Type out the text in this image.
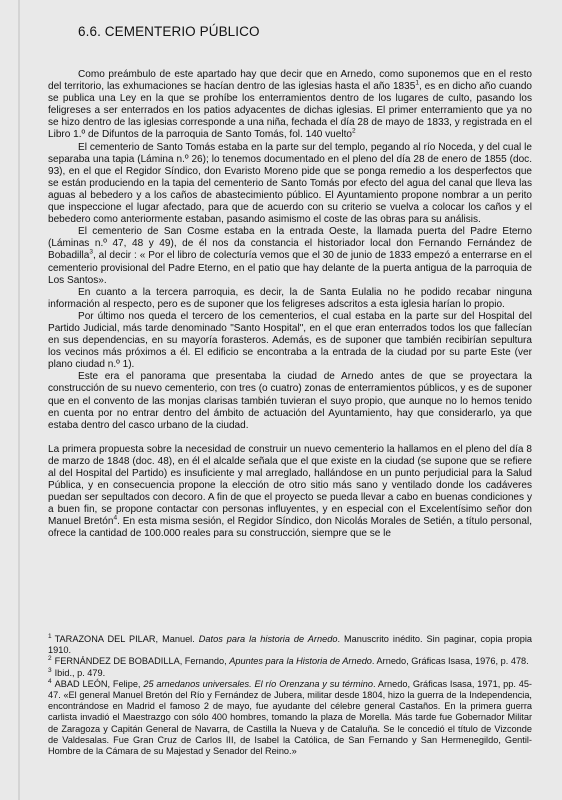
6.6. CEMENTERIO PÚBLICO

Como preámbulo de este apartado hay que decir que en Arnedo, como suponemos que en el resto del territorio, las exhumaciones se hacían dentro de las iglesias hasta el año 1835$^1$, es en dicho año cuando se publica una Ley en la que se prohíbe los enterramientos dentro de los lugares de culto, pasando los feligreses a ser enterrados en los patios adyacentes de dichas iglesias. El primer enterramiento que ya no se hizo dentro de las iglesias corresponde a una niña, fechada el día 28 de mayo de 1833, y registrada en el Libro 1.º de Difuntos de la parroquia de Santo Tomás, fol. 140 vuelto$^2$

El cementerio de Santo Tomás estaba en la parte sur del templo, pegando al río Noceda, y del cual le separaba una tapia (Lámina n.º 26); lo tenemos documentado en el pleno del día 28 de enero de 1855 (doc. 93), en el que el Regidor Síndico, don Evaristo Moreno pide que se ponga remedio a los desperfectos que se están produciendo en la tapia del cementerio de Santo Tomás por efecto del agua del canal que lleva las aguas al bebedero y a los caños de abastecimiento público. El Ayuntamiento propone nombrar a un perito que inspeccione el lugar afectado, para que de acuerdo con su criterio se vuelva a colocar los caños y el bebedero como anteriormente estaban, pasando asimismo el coste de las obras para su análisis.

El cementerio de San Cosme estaba en la entrada Oeste, la llamada puerta del Padre Eterno (Láminas n.º 47, 48 y 49), de él nos da constancia el historiador local don Fernando Fernández de Bobadilla$^3$, al decir : « Por el libro de colecturía vemos que el 30 de junio de 1833 empezó a enterrarse en el cementerio provisional del Padre Eterno, en el patio que hay delante de la puerta antigua de la parroquia de Los Santos».

En cuanto a la tercera parroquia, es decir, la de Santa Eulalia no he podido recabar ninguna información al respecto, pero es de suponer que los feligreses adscritos a esta iglesia harían lo propio.

Por último nos queda el tercero de los cementerios, el cual estaba en la parte sur del Hospital del Partido Judicial, más tarde denominado "Santo Hospital", en el que eran enterrados todos los que fallecían en sus dependencias, en su mayoría forasteros. Además, es de suponer que también recibirían sepultura los vecinos más próximos a él. El edificio se encontraba a la entrada de la ciudad por su parte Este (ver plano ciudad n.º 1).

Este era el panorama que presentaba la ciudad de Arnedo antes de que se proyectara la construcción de su nuevo cementerio, con tres (o cuatro) zonas de enterramientos públicos, y es de suponer que en el convento de las monjas clarisas también tuvieran el suyo propio, que aunque no lo hemos tenido en cuenta por no entrar dentro del ámbito de actuación del Ayuntamiento, hay que considerarlo, ya que estaba dentro del casco urbano de la ciudad.

La primera propuesta sobre la necesidad de construir un nuevo cementerio la hallamos en el pleno del día 8 de marzo de 1848 (doc. 48), en él el alcalde señala que el que existe en la ciudad (se supone que se refiere al del Hospital del Partido) es insuficiente y mal arreglado, hallándose en un punto perjudicial para la Salud Pública, y en consecuencia propone la elección de otro sitio más sano y ventilado donde los cadáveres puedan ser sepultados con decoro. A fin de que el proyecto se pueda llevar a cabo en buenas condiciones y a buen fin, se propone contactar con personas influyentes, y en especial con el Excelentísimo señor don Manuel Bretón$^4$. En esta misma sesión, el Regidor Síndico, don Nicolás Morales de Setién, a título personal, ofrece la cantidad de 100.000 reales para su construcción, siempre que se le

$^1$ TARAZONA DEL PILAR, Manuel. Datos para la historia de Arnedo. Manuscrito inédito. Sin paginar, copia propia 1910.

$^2$ FERNÁNDEZ DE BOBADILLA, Fernando, Apuntes para la Historia de Arnedo. Arnedo, Gráficas Isasa, 1976, p. 478.

$^3$ Ibid., p. 479.

$^4$ ABAD LEÓN, Felipe, 25 arnedanos universales. El río Orenzana y su término. Arnedo, Gráficas Isasa, 1971, pp. 45-47. «El general Manuel Bretón del Río y Fernández de Jubera, militar desde 1804, hizo la guerra de la Independencia, encontrándose en Madrid el famoso 2 de mayo, fue ayudante del célebre general Castaños. En la primera guerra carlista invadió el Maestrazgo con sólo 400 hombres, tomando la plaza de Morella. Más tarde fue Gobernador Militar de Zaragoza y Capitán General de Navarra, de Castilla la Nueva y de Cataluña. Se le concedió el título de Vizconde de Valdesalas. Fue Gran Cruz de Carlos III, de Isabel la Católica, de San Fernando y San Hermenegildo, Gentil-Hombre de la Cámara de su Majestad y Senador del Reino.»
